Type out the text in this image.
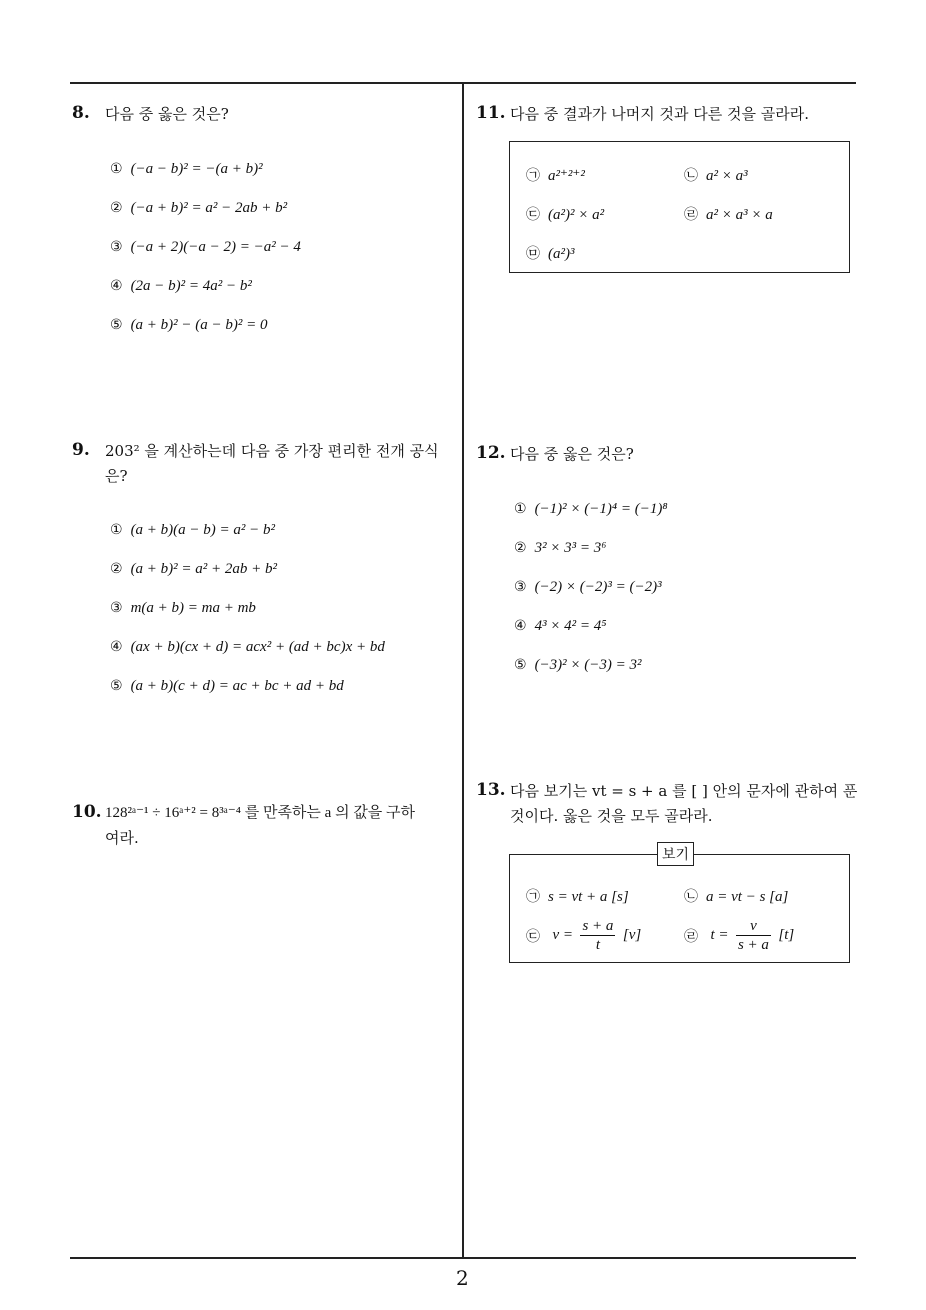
8. 다음 중 옳은 것은?
① (−a − b)² = −(a + b)²
② (−a + b)² = a² − 2ab + b²
③ (−a + 2)(−a − 2) = −a² − 4
④ (2a − b)² = 4a² − b²
⑤ (a + b)² − (a − b)² = 0
9. 203² 을 계산하는데 다음 중 가장 편리한 전개 공식
은?
① (a + b)(a − b) = a² − b²
② (a + b)² = a² + 2ab + b²
③ m(a + b) = ma + mb
④ (ax + b)(cx + d) = acx² + (ad + bc)x + bd
⑤ (a + b)(c + d) = ac + bc + ad + bd
10. 128²ᵃ⁻¹ ÷ 16ᵃ⁺² = 8³ᵃ⁻⁴ 를 만족하는 a 의 값을 구하
여라.
11. 다음 중 결과가 나머지 것과 다른 것을 골라라.
㉠ a²⁺²⁺²	㉡ a² × a³
㉢ (a²)² × a²	㉣ a² × a³ × a
㉤ (a²)³
12. 다음 중 옳은 것은?
① (−1)² × (−1)⁴ = (−1)⁸
② 3² × 3³ = 3⁶
③ (−2) × (−2)³ = (−2)³
④ 4³ × 4² = 4⁵
⑤ (−3)² × (−3) = 3²
13. 다음 보기는 vt = s + a 를 [ ] 안의 문자에 관하여 푼
것이다. 옳은 것을 모두 골라라.
보기
㉠ s = vt + a [s]	㉡ a = vt − s [a]
㉢ $v = \frac{s + a}{t} [v]$	㉣ $t = \frac{v}{s + a} [t]$
2
